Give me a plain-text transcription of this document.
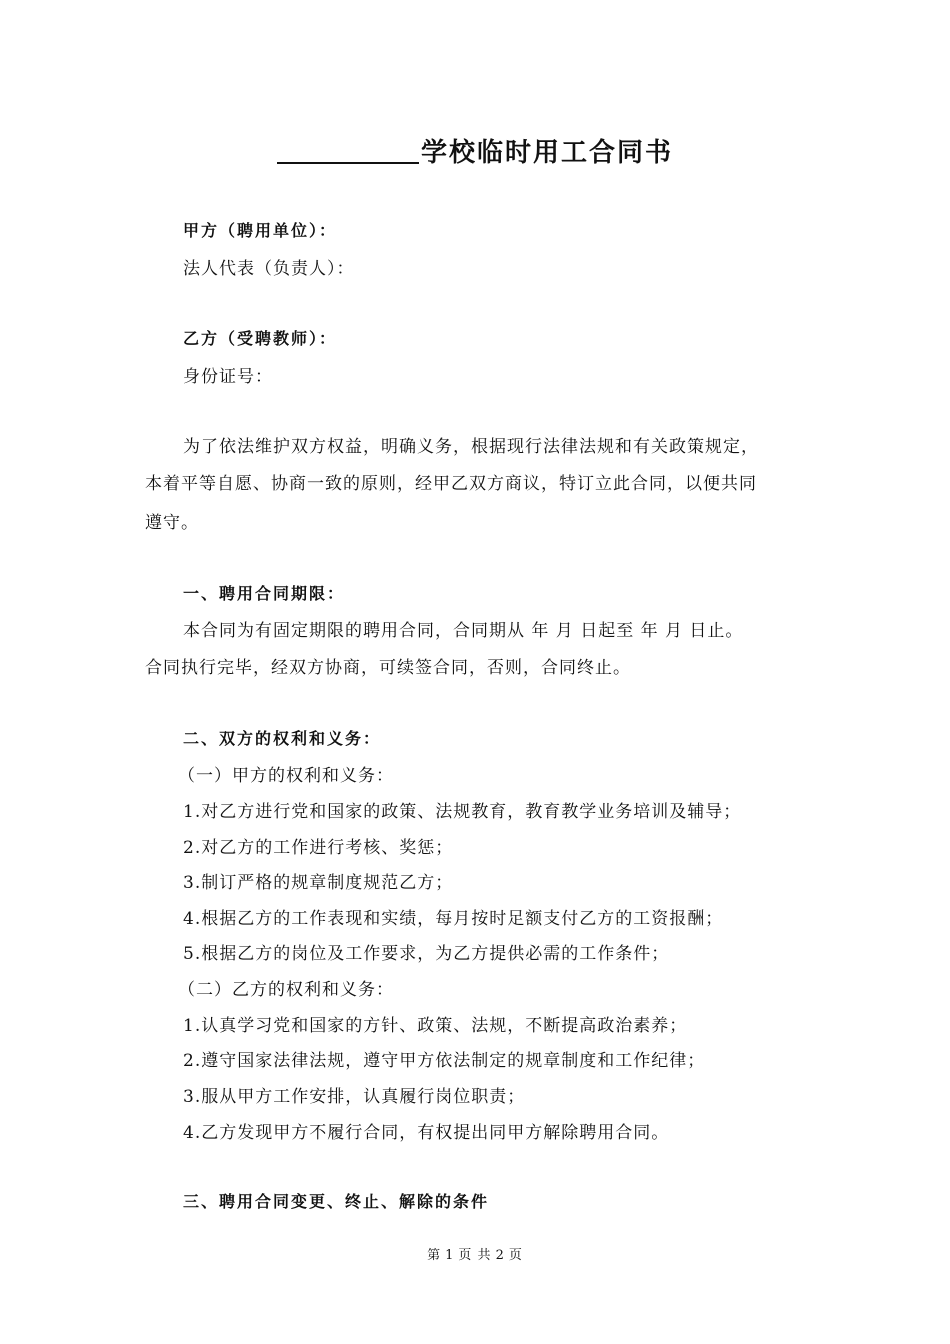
学校临时用工合同书
甲方（聘用单位）：
法人代表（负责人）：
乙方（受聘教师）：
身份证号：
为了依法维护双方权益，明确义务，根据现行法律法规和有关政策规定，
本着平等自愿、协商一致的原则，经甲乙双方商议，特订立此合同，以便共同
遵守。
一、聘用合同期限：
本合同为有固定期限的聘用合同，合同期从 年 月 日起至 年 月 日止。
合同执行完毕，经双方协商，可续签合同，否则，合同终止。
二、双方的权利和义务：
（一）甲方的权利和义务：
1.对乙方进行党和国家的政策、法规教育，教育教学业务培训及辅导；
2.对乙方的工作进行考核、奖惩；
3.制订严格的规章制度规范乙方；
4.根据乙方的工作表现和实绩，每月按时足额支付乙方的工资报酬；
5.根据乙方的岗位及工作要求，为乙方提供必需的工作条件；
（二）乙方的权利和义务：
1.认真学习党和国家的方针、政策、法规，不断提高政治素养；
2.遵守国家法律法规，遵守甲方依法制定的规章制度和工作纪律；
3.服从甲方工作安排，认真履行岗位职责；
4.乙方发现甲方不履行合同，有权提出同甲方解除聘用合同。
三、聘用合同变更、终止、解除的条件
第 1 页 共 2 页
